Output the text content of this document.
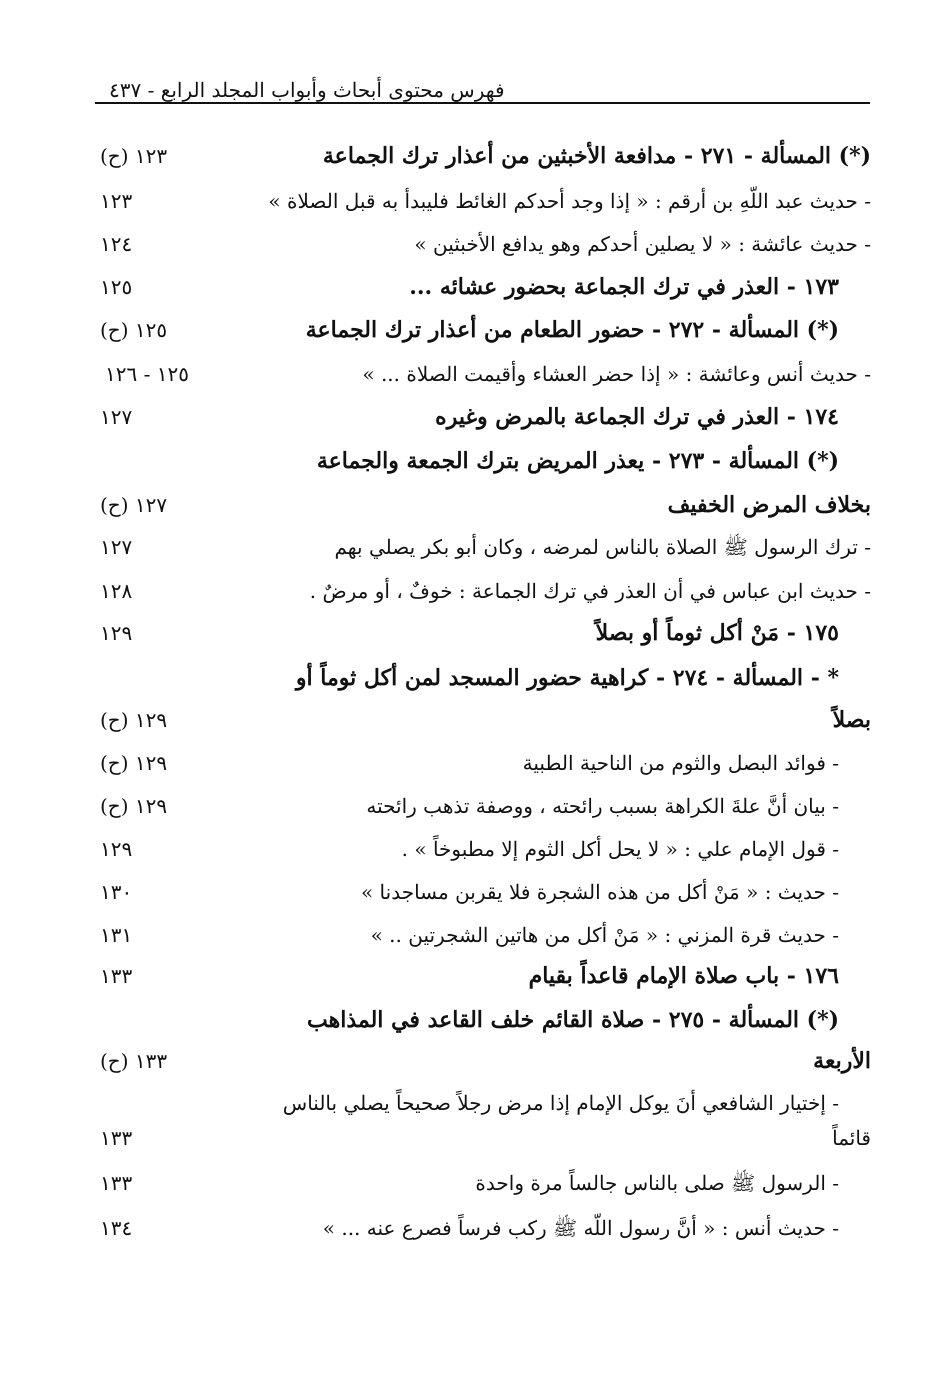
فهرس محتوى أبحاث وأبواب المجلد الرابع - ٤٣٧
(*) المسألة - ٢٧١ - مدافعة الأخبثين من أعذار ترك الجماعة
١٢٣ (ح)
- حديث عبد اللّهِ بن أرقم : « إذا وجد أحدكم الغائط فليبدأ به قبل الصلاة »
١٢٣
- حديث عائشة : « لا يصلين أحدكم وهو يدافع الأخبثين »
١٢٤
١٧٣ - العذر في ترك الجماعة بحضور عشائه ...
١٢٥
(*) المسألة - ٢٧٢ - حضور الطعام من أعذار ترك الجماعة
١٢٥ (ح)
- حديث أنس وعائشة : « إذا حضر العشاء وأقيمت الصلاة ... »
١٢٥ - ١٢٦
١٧٤ - العذر في ترك الجماعة بالمرض وغيره
١٢٧
(*) المسألة - ٢٧٣ - يعذر المريض بترك الجمعة والجماعة
بخلاف المرض الخفيف
١٢٧ (ح)
- ترك الرسول ﷺ الصلاة بالناس لمرضه ، وكان أبو بكر يصلي بهم
١٢٧
- حديث ابن عباس في أن العذر في ترك الجماعة : خوفٌ ، أو مرضٌ .
١٢٨
١٧٥ - مَنْ أكل ثوماً أو بصلاً
١٢٩
* - المسألة - ٢٧٤ - كراهية حضور المسجد لمن أكل ثوماً أو
بصلاً
١٢٩ (ح)
- فوائد البصل والثوم من الناحية الطبية
١٢٩ (ح)
- بيان أنَّ علةَ الكراهة بسبب رائحته ، ووصفة تذهب رائحته
١٢٩ (ح)
- قول الإمام علي : « لا يحل أكل الثوم إلا مطبوخاً » .
١٢٩
- حديث : « مَنْ أكل من هذه الشجرة فلا يقربن مساجدنا »
١٣٠
- حديث قرة المزني : « مَنْ أكل من هاتين الشجرتين .. »
١٣١
١٧٦ - باب صلاة الإمام قاعداً بقيام
١٣٣
(*) المسألة - ٢٧٥ - صلاة القائم خلف القاعد في المذاهب
الأربعة
١٣٣ (ح)
- إختيار الشافعي أنَ يوكل الإمام إذا مرض رجلاً صحيحاً يصلي بالناس
قائماً
١٣٣
- الرسول ﷺ صلى بالناس جالساً مرة واحدة
١٣٣
- حديث أنس : « أنَّ رسول اللّه ﷺ ركب فرساً فصرع عنه ... »
١٣٤
